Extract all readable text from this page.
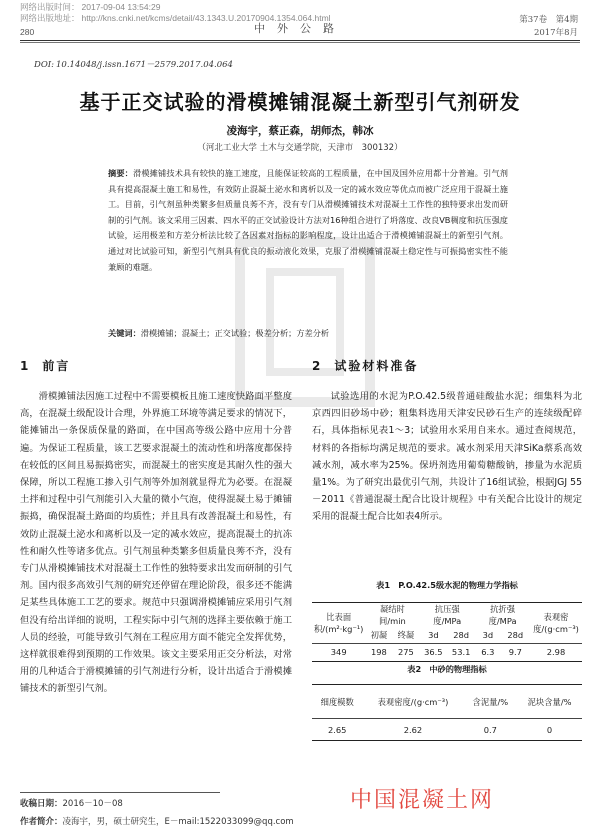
网络出版时间： 2017-09-04 13:54:29
网络出版地址： http://kns.cnki.net/kcms/detail/43.1343.U.20170904.1354.064.html
280	中外公路
第37卷　第4期
2017年8月
DOI: 10.14048/j.issn.1671－2579.2017.04.064
基于正交试验的滑模摊铺混凝土新型引气剂研发
凌海宇，蔡正森，胡师杰，韩冰
（河北工业大学 土木与交通学院，天津市　300132）
摘要：滑模摊铺技术具有较快的施工速度，且能保证较高的工程质量，在中国及国外应用都十分普遍。引气剂具有提高混凝土施工和易性，有效防止混凝土泌水和离析以及一定的减水效应等优点而被广泛应用于混凝土施工。目前，引气剂虽种类繁多但质量良莠不齐，没有专门从滑模摊铺技术对混凝土工作性的独特要求出发而研制的引气剂。该文采用三因素、四水平的正交试验设计方法对16种组合进行了坍落度、改良VB稠度和抗压强度试验，运用极差和方差分析法比较了各因素对指标的影响程度，设计出适合于滑模摊铺混凝土的新型引气剂。通过对比试验可知，新型引气剂具有优良的振动液化效果，克服了滑模摊铺混凝土稳定性与可振捣密实性不能兼顾的难题。
关键词：滑模摊铺；混凝土；正交试验；极差分析；方差分析
1 前言
滑模摊铺法因施工过程中不需要模板且施工速度快路面平整度高，在混凝土级配设计合理，外界施工环境等满足要求的情况下，能摊铺出一条保质保量的路面，在中国高等级公路中应用十分普遍。为保证工程质量，该工艺要求混凝土的流动性和坍落度都保持在较低的区间且易振捣密实，而混凝土的密实度是其耐久性的强大保障，所以工程施工掺入引气剂等外加剂就显得尤为必要。在混凝土拌和过程中引气剂能引入大量的微小气泡，使得混凝土易于摊铺振捣，确保混凝土路面的均质性；并且具有改善混凝土和易性，有效防止混凝土泌水和离析以及一定的减水效应，提高混凝土的抗冻性和耐久性等诸多优点。引气剂虽种类繁多但质量良莠不齐，没有专门从滑模摊铺技术对混凝土工作性的独特要求出发而研制的引气剂。国内很多高效引气剂的研究还停留在理论阶段，很多还不能满足某些具体施工工艺的要求。规范中只强调滑模摊铺应采用引气剂但没有给出详细的说明，工程实际中引气剂的选择主要依赖于施工人员的经验，可能导致引气剂在工程应用方面不能完全发挥优势，这样就很难得到预期的工作效果。该文主要采用正交分析法，对常用的几种适合于滑模摊铺的引气剂进行分析，设计出适合于滑模摊铺技术的新型引气剂。
2 试验材料准备
试验选用的水泥为P.O.42.5级普通硅酸盐水泥；细集料为北京西四旧砂场中砂；粗集料选用天津安民砂石生产的连续级配碎石，具体指标见表1～3；试验用水采用自来水。通过查阅规范，材料的各指标均满足规范的要求。减水剂采用天津SiKa蔡系高效减水剂，减水率为25%。保坍剂选用葡萄糖酸钠，掺量为水泥质量1%。为了研究出最优引气剂，共设计了16组试验，根据JGJ 55－2011《普通混凝土配合比设计规程》中有关配合比设计的规定采用的混凝土配合比如表4所示。
表1　P.O.42.5级水泥的物理力学指标
比表面积/(m²·kg⁻¹)	凝结时间/min		抗压强度/MPa		抗折强度/MPa		表观密度/(g·cm⁻³)
	初凝	终凝	3d	28d	3d	28d	
349	198	275	36.5	53.1	6.3	9.7	2.98
表2　中砂的物理指标
细度模数	表观密度/(g·cm⁻³)	含泥量/%	泥块含量/%
2.65	2.62	0.7	0
收稿日期：2016－10－08
作者简介：凌海宇，男，硕士研究生，E－mail:1522033099@qq.com
中国混凝土网
